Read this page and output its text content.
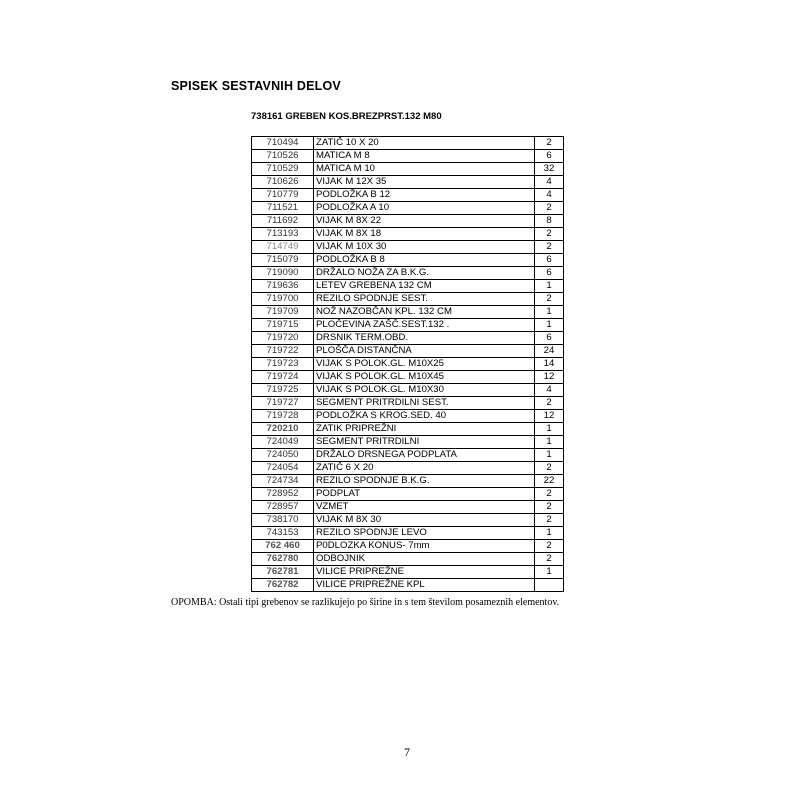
SPISEK SESTAVNIH DELOV
738161 GREBEN KOS.BREZPRST.132 M80
710494	ZATIČ 10 X 20	2
710526	MATICA M 8	6
710529	MATICA M 10	32
710626	VIJAK M 12X 35	4
710779	PODLOŽKA B 12	4
711521	PODLOŽKA A 10	2
711692	VIJAK M 8X 22	8
713193	VIJAK M 8X 18	2
714749	VIJAK M 10X 30	2
715079	PODLOŽKA B 8	6
719090	DRŽALO NOŽA ZA B.K.G.	6
719636	LETEV GREBENA 132 CM	1
719700	REZILO SPODNJE SEST.	2
719709	NOŽ NAZOBČAN KPL. 132 CM	1
719715	PLOČEVINA ZAŠČ.SEST.132 .	1
719720	DRSNIK TERM.OBD.	6
719722	PLOŠČA DISTANČNA	24
719723	VIJAK S POLOK.GL. M10X25	14
719724	VIJAK S POLOK.GL. M10X45	12
719725	VIJAK S POLOK.GL. M10X30	4
719727	SEGMENT PRITRDILNI SEST.	2
719728	PODLOŽKA S KROG.SED. 40	12
720210	ZATIK PRIPREŽNI	1
724049	SEGMENT PRITRDILNI	1
724050	DRŽALO DRSNEGA PODPLATA	1
724054	ZATIČ 6 X 20	2
724734	REZILO SPODNJE B.K.G.	22
728952	PODPLAT	2
728957	VZMET	2
738170	VIJAK M 8X 30	2
743153	REZILO SPODNJE LEVO	1
762 460	P0DLOZKA KONUS- 7mm	2
762780	ODBOJNIK	2
762781	VILICE PRIPREŽNE	1
762782	VILICE PRIPREŽNE KPL	
OPOMBA: Ostali tipi grebenov se razlikujejo po širine in s tem številom posameznih elementov.
7
